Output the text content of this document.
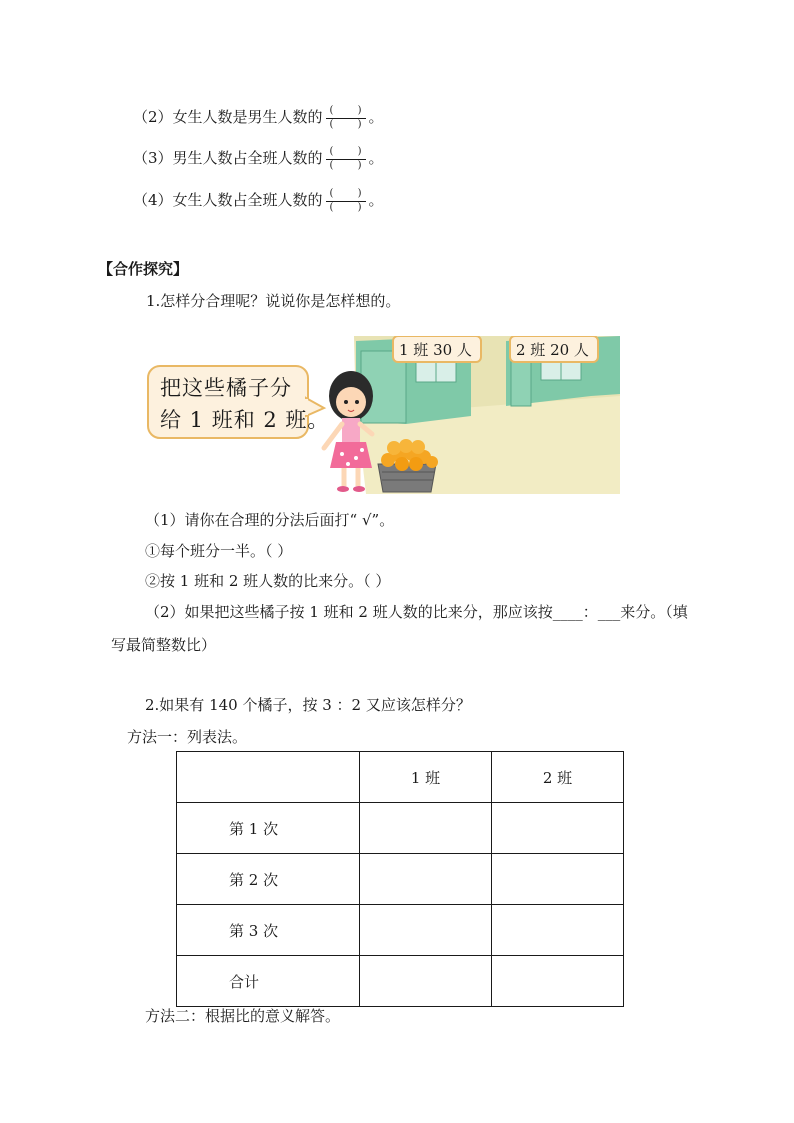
（2）女生人数是男生人数的 $\frac{( )}{( )}$ 。
（3）男生人数占全班人数的 $\frac{( )}{( )}$ 。
（4）女生人数占全班人数的 $\frac{( )}{( )}$ 。
【合作探究】
1.怎样分合理呢？说说你是怎样想的。
1 班 30 人	2 班 20 人
把这些橘子分
给 1 班和 2 班。
（1）请你在合理的分法后面打“ √”。
①每个班分一半。（ ）
②按 1 班和 2 班人数的比来分。（ ）
（2）如果把这些橘子按 1 班和 2 班人数的比来分，那应该按____：___来分。（填
写最简整数比）
2.如果有 140 个橘子，按 3 ：2 又应该怎样分？
方法一：列表法。
	1 班	2 班
第 1 次		
第 2 次		
第 3 次		
合计		
方法二：根据比的意义解答。
